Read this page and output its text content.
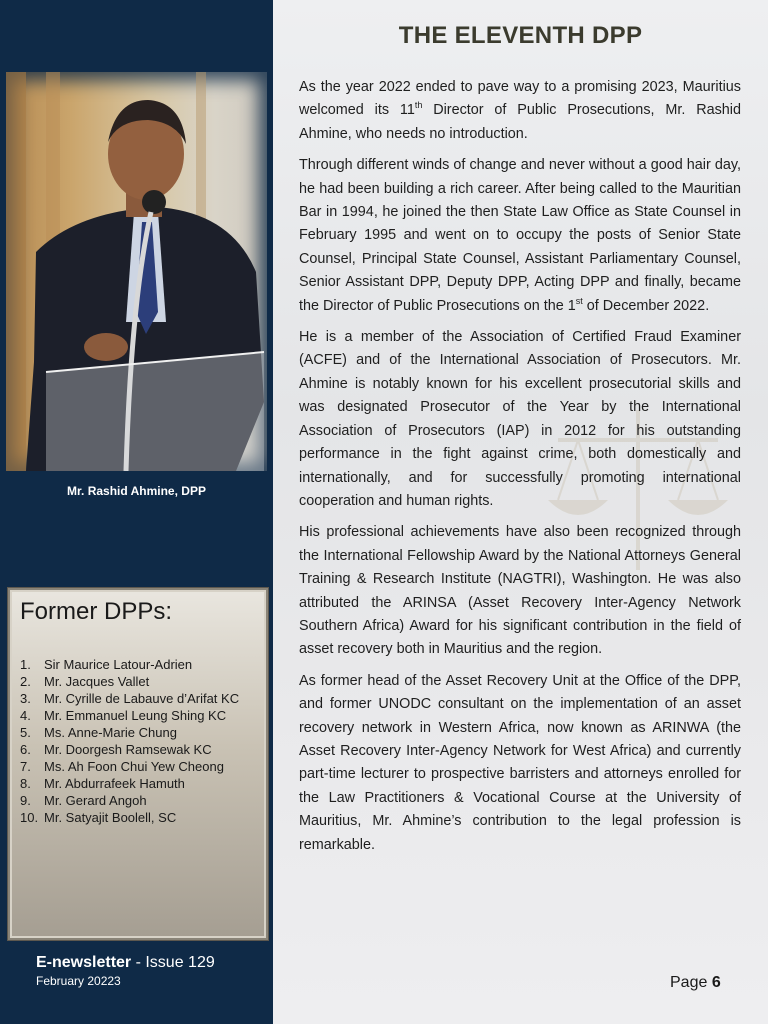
Mr. Rashid Ahmine, DPP
Former DPPs:
1.	Sir Maurice Latour-Adrien
2.	Mr. Jacques Vallet
3.	Mr. Cyrille de Labauve d’Arifat KC
4.	Mr. Emmanuel Leung Shing KC
5.	Ms. Anne-Marie Chung
6.	Mr. Doorgesh Ramsewak KC
7.	Ms. Ah Foon Chui Yew Cheong
8.	Mr. Abdurrafeek Hamuth
9.	Mr. Gerard Angoh
10. Mr. Satyajit Boolell, SC
E-newsletter - Issue 129
February 20223
THE ELEVENTH DPP

As the year 2022 ended to pave way to a promising 2023, Mauritius welcomed its 11th Director of Public Prosecutions, Mr. Rashid Ahmine, who needs no introduction.

Through different winds of change and never without a good hair day, he had been building a rich career. After being called to the Mauritian Bar in 1994, he joined the then State Law Office as State Counsel in February 1995 and went on to occupy the posts of Senior State Counsel, Principal State Counsel, Assistant Parliamentary Counsel, Senior Assistant DPP, Deputy DPP, Acting DPP and finally, became the Director of Public Prosecutions on the 1st of December 2022.

He is a member of the Association of Certified Fraud Examiner (ACFE) and of the International Association of Prosecutors. Mr. Ahmine is notably known for his excellent prosecutorial skills and was designated Prosecutor of the Year by the International Association of Prosecutors (IAP) in 2012 for his outstanding performance in the fight against crime, both domestically and internationally, and for successfully promoting international cooperation and human rights.

His professional achievements have also been recognized through the International Fellowship Award by the National Attorneys General Training & Research Institute (NAGTRI), Washington. He was also attributed the ARINSA (Asset Recovery Inter-Agency Network Southern Africa) Award for his significant contribution in the field of asset recovery both in Mauritius and the region.

As former head of the Asset Recovery Unit at the Office of the DPP, and former UNODC consultant on the implementation of an asset recovery network in Western Africa, now known as ARINWA (the Asset Recovery Inter-Agency Network for West Africa) and currently part-time lecturer to prospective barristers and attorneys enrolled for the Law Practitioners & Vocational Course at the University of Mauritius, Mr. Ahmine’s contribution to the legal profession is remarkable.

Page 6
